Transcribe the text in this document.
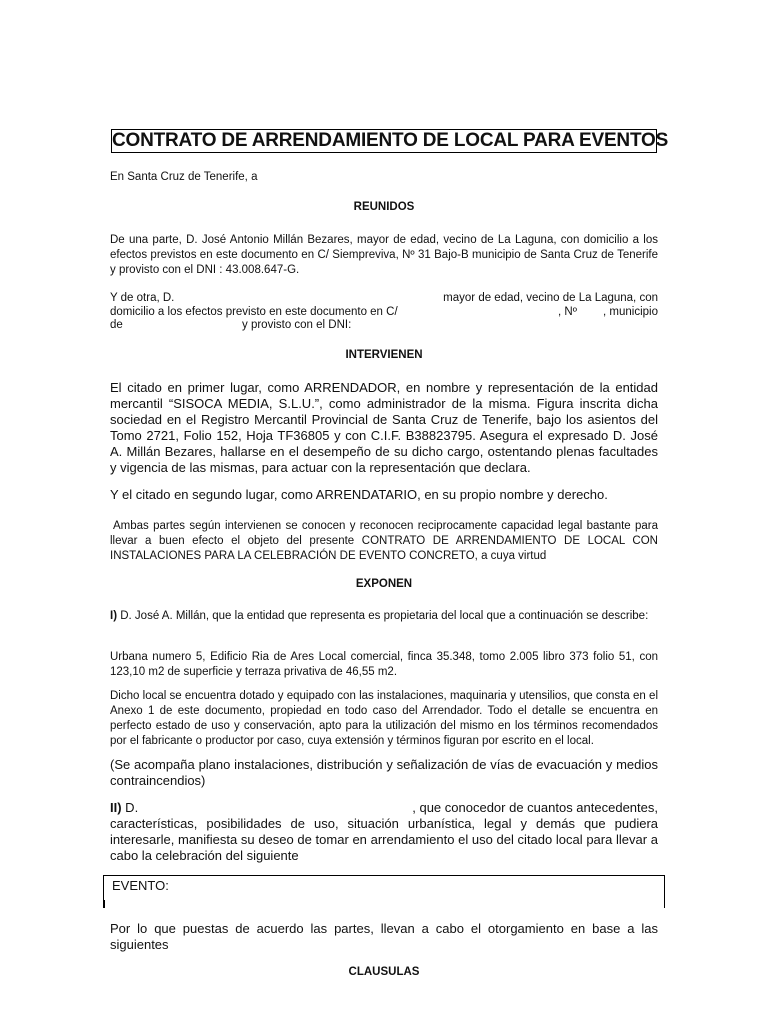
CONTRATO DE ARRENDAMIENTO DE LOCAL PARA EVENTOS
En Santa Cruz de Tenerife, a
REUNIDOS
De una parte, D. José Antonio Millán Bezares, mayor de edad, vecino de La Laguna, con domicilio a los efectos previstos en este documento en C/ Siempreviva, Nº 31 Bajo-B municipio de Santa Cruz de Tenerife y provisto con el DNI : 43.008.647-G.
Y de otra, D.	mayor de edad, vecino de La Laguna, con
domicilio a los efectos previsto en este documento en C/	, Nº , municipio
de	y provisto con el DNI:
INTERVIENEN
El citado en primer lugar, como ARRENDADOR, en nombre y representación de la entidad mercantil “SISOCA MEDIA, S.L.U.”, como administrador de la misma. Figura inscrita dicha sociedad en el Registro Mercantil Provincial de Santa Cruz de Tenerife, bajo los asientos del Tomo 2721, Folio 152, Hoja TF36805 y con C.I.F. B38823795. Asegura el expresado D. José A. Millán Bezares, hallarse en el desempeño de su dicho cargo, ostentando plenas facultades y vigencia de las mismas, para actuar con la representación que declara.
Y el citado en segundo lugar, como ARRENDATARIO, en su propio nombre y derecho.
Ambas partes según intervienen se conocen y reconocen reciprocamente capacidad legal bastante para llevar a buen efecto el objeto del presente CONTRATO DE ARRENDAMIENTO DE LOCAL CON INSTALACIONES PARA LA CELEBRACIÓN DE EVENTO CONCRETO, a cuya virtud
EXPONEN
I) D. José A. Millán, que la entidad que representa es propietaria del local que a continuación se describe:
Urbana numero 5, Edificio Ria de Ares Local comercial, finca 35.348, tomo 2.005 libro 373 folio 51, con 123,10 m2 de superficie y terraza privativa de 46,55 m2.
Dicho local se encuentra dotado y equipado con las instalaciones, maquinaria y utensilios, que consta en el Anexo 1 de este documento, propiedad en todo caso del Arrendador. Todo el detalle se encuentra en perfecto estado de uso y conservación, apto para la utilización del mismo en los términos recomendados por el fabricante o productor por caso, cuya extensión y términos figuran por escrito en el local.
(Se acompaña plano instalaciones, distribución y señalización de vías de evacuación y medios contraincendios)
II) D.	, que conocedor de cuantos antecedentes,
características, posibilidades de uso, situación urbanística, legal y demás que pudiera interesarle, manifiesta su deseo de tomar en arrendamiento el uso del citado local para llevar a cabo la celebración del siguiente
EVENTO:
Por lo que puestas de acuerdo las partes, llevan a cabo el otorgamiento en base a las siguientes
CLAUSULAS
